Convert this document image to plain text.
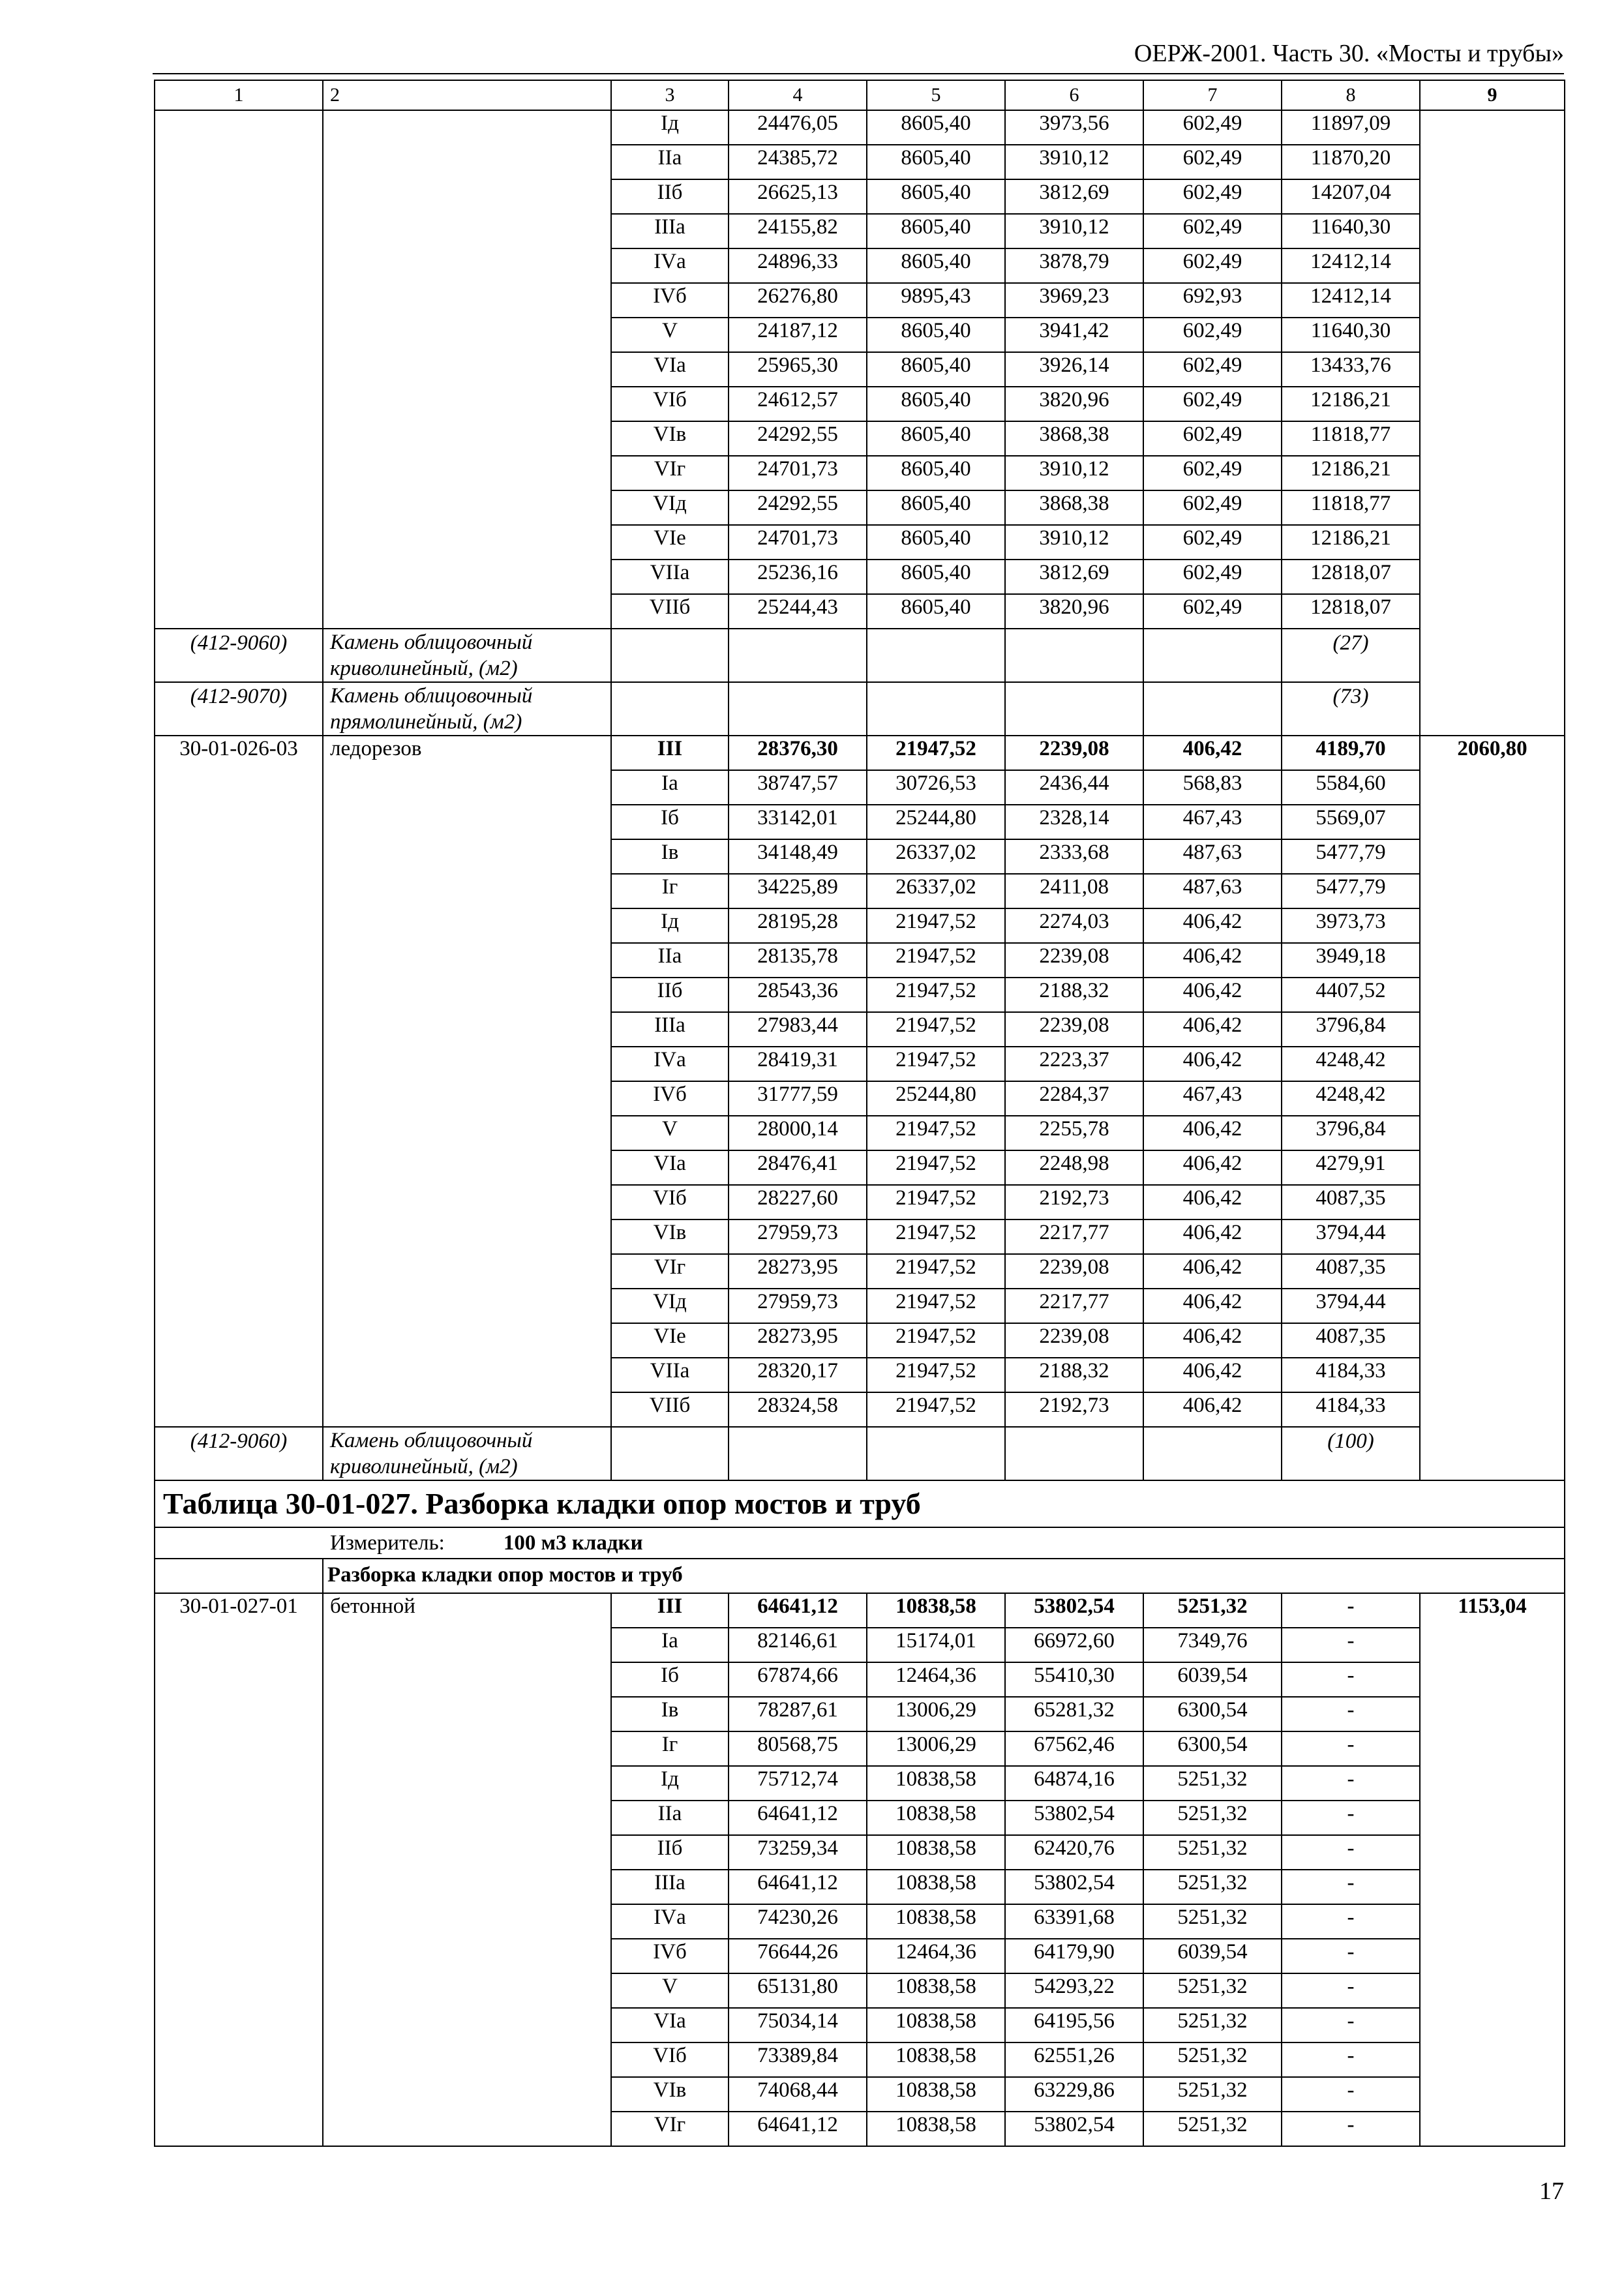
ОЕРЖ-2001. Часть 30. «Мосты и трубы»
1	2	3	4	5	6	7	8	9
		Iд	24476,05	8605,40	3973,56	602,49	11897,09	
		IIа	24385,72	8605,40	3910,12	602,49	11870,20	
		IIб	26625,13	8605,40	3812,69	602,49	14207,04	
		IIIа	24155,82	8605,40	3910,12	602,49	11640,30	
		IVа	24896,33	8605,40	3878,79	602,49	12412,14	
		IVб	26276,80	9895,43	3969,23	692,93	12412,14	
		V	24187,12	8605,40	3941,42	602,49	11640,30	
		VIа	25965,30	8605,40	3926,14	602,49	13433,76	
		VIб	24612,57	8605,40	3820,96	602,49	12186,21	
		VIв	24292,55	8605,40	3868,38	602,49	11818,77	
		VIг	24701,73	8605,40	3910,12	602,49	12186,21	
		VIд	24292,55	8605,40	3868,38	602,49	11818,77	
		VIе	24701,73	8605,40	3910,12	602,49	12186,21	
		VIIа	25236,16	8605,40	3812,69	602,49	12818,07	
		VIIб	25244,43	8605,40	3820,96	602,49	12818,07	
(412-9060)	Камень облицовочный криволинейный, (м2)						(27)	
(412-9070)	Камень облицовочный прямолинейный, (м2)						(73)	
30-01-026-03	ледорезов	III	28376,30	21947,52	2239,08	406,42	4189,70	2060,80
		Iа	38747,57	30726,53	2436,44	568,83	5584,60	
		Iб	33142,01	25244,80	2328,14	467,43	5569,07	
		Iв	34148,49	26337,02	2333,68	487,63	5477,79	
		Iг	34225,89	26337,02	2411,08	487,63	5477,79	
		Iд	28195,28	21947,52	2274,03	406,42	3973,73	
		IIа	28135,78	21947,52	2239,08	406,42	3949,18	
		IIб	28543,36	21947,52	2188,32	406,42	4407,52	
		IIIа	27983,44	21947,52	2239,08	406,42	3796,84	
		IVа	28419,31	21947,52	2223,37	406,42	4248,42	
		IVб	31777,59	25244,80	2284,37	467,43	4248,42	
		V	28000,14	21947,52	2255,78	406,42	3796,84	
		VIа	28476,41	21947,52	2248,98	406,42	4279,91	
		VIб	28227,60	21947,52	2192,73	406,42	4087,35	
		VIв	27959,73	21947,52	2217,77	406,42	3794,44	
		VIг	28273,95	21947,52	2239,08	406,42	4087,35	
		VIд	27959,73	21947,52	2217,77	406,42	3794,44	
		VIе	28273,95	21947,52	2239,08	406,42	4087,35	
		VIIа	28320,17	21947,52	2188,32	406,42	4184,33	
		VIIб	28324,58	21947,52	2192,73	406,42	4184,33	
(412-9060)	Камень облицовочный криволинейный, (м2)						(100)	
Таблица 30-01-027. Разборка кладки опор мостов и труб								
Измеритель: 100 м3 кладки								
	Разборка кладки опор мостов и труб							
30-01-027-01	бетонной	III	64641,12	10838,58	53802,54	5251,32	-	1153,04
		Iа	82146,61	15174,01	66972,60	7349,76	-	
		Iб	67874,66	12464,36	55410,30	6039,54	-	
		Iв	78287,61	13006,29	65281,32	6300,54	-	
		Iг	80568,75	13006,29	67562,46	6300,54	-	
		Iд	75712,74	10838,58	64874,16	5251,32	-	
		IIа	64641,12	10838,58	53802,54	5251,32	-	
		IIб	73259,34	10838,58	62420,76	5251,32	-	
		IIIа	64641,12	10838,58	53802,54	5251,32	-	
		IVа	74230,26	10838,58	63391,68	5251,32	-	
		IVб	76644,26	12464,36	64179,90	6039,54	-	
		V	65131,80	10838,58	54293,22	5251,32	-	
		VIа	75034,14	10838,58	64195,56	5251,32	-	
		VIб	73389,84	10838,58	62551,26	5251,32	-	
		VIв	74068,44	10838,58	63229,86	5251,32	-	
		VIг	64641,12	10838,58	53802,54	5251,32	-	
17
